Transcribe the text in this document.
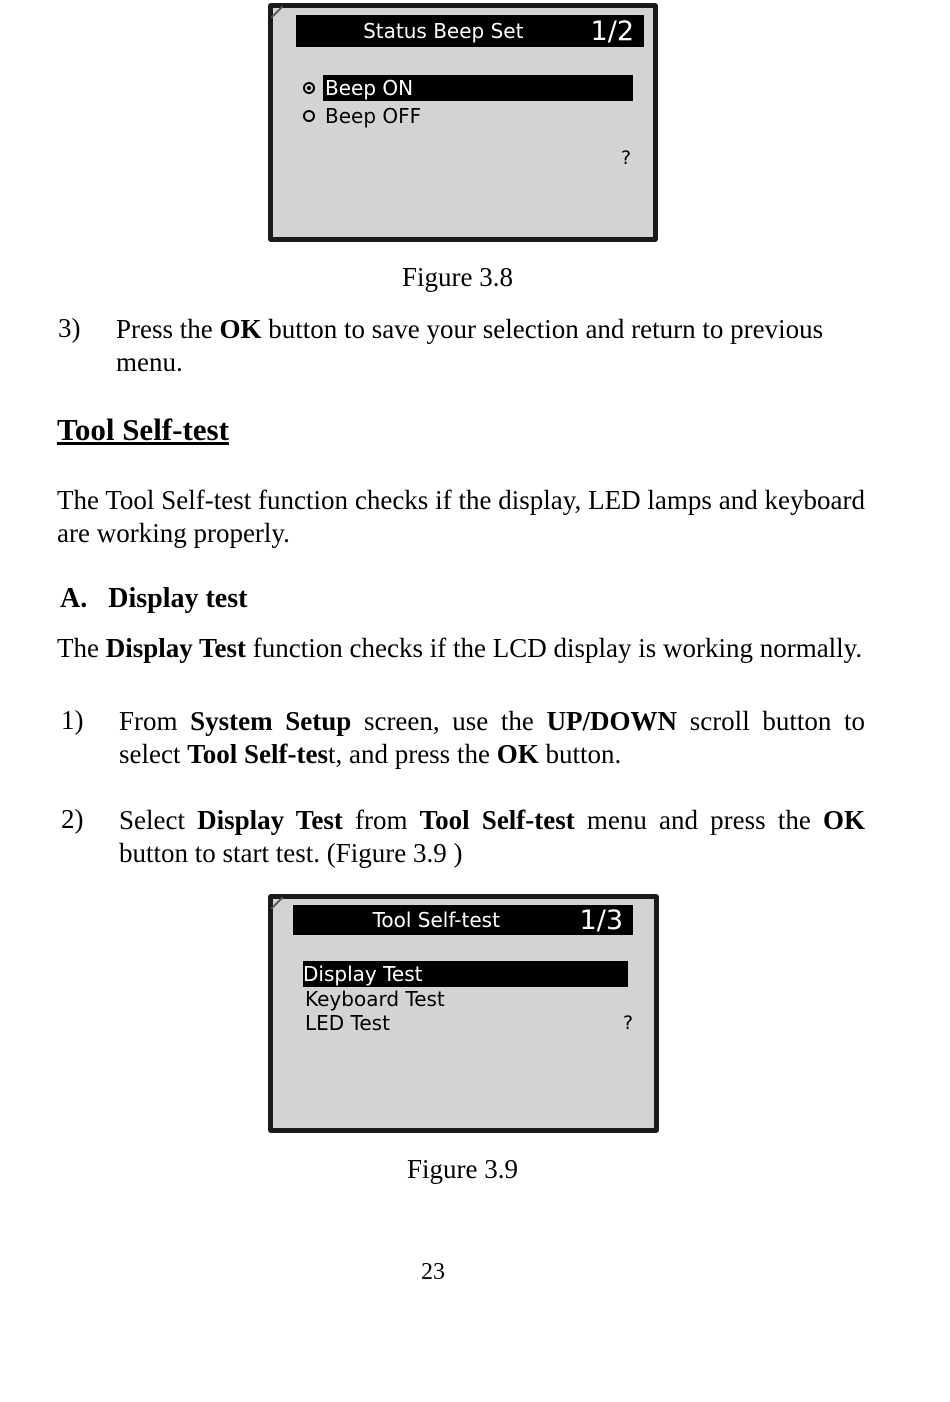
Status Beep Set	1/2
Beep ON
Beep OFF
?
Figure 3.8
3) Press the OK button to save your selection and return to previous menu.
Tool Self-test
The Tool Self-test function checks if the display, LED lamps and keyboard are working properly.
A.  Display test
The Display Test function checks if the LCD display is working normally.
1) From System Setup screen, use the UP/DOWN scroll button to select Tool Self-test, and press the OK button.
2) Select Display Test from Tool Self-test menu and press the OK button to start test. (Figure 3.9 )
Tool Self-test	1/3
Display Test
Keyboard Test
LED Test	?
Figure 3.9
23
